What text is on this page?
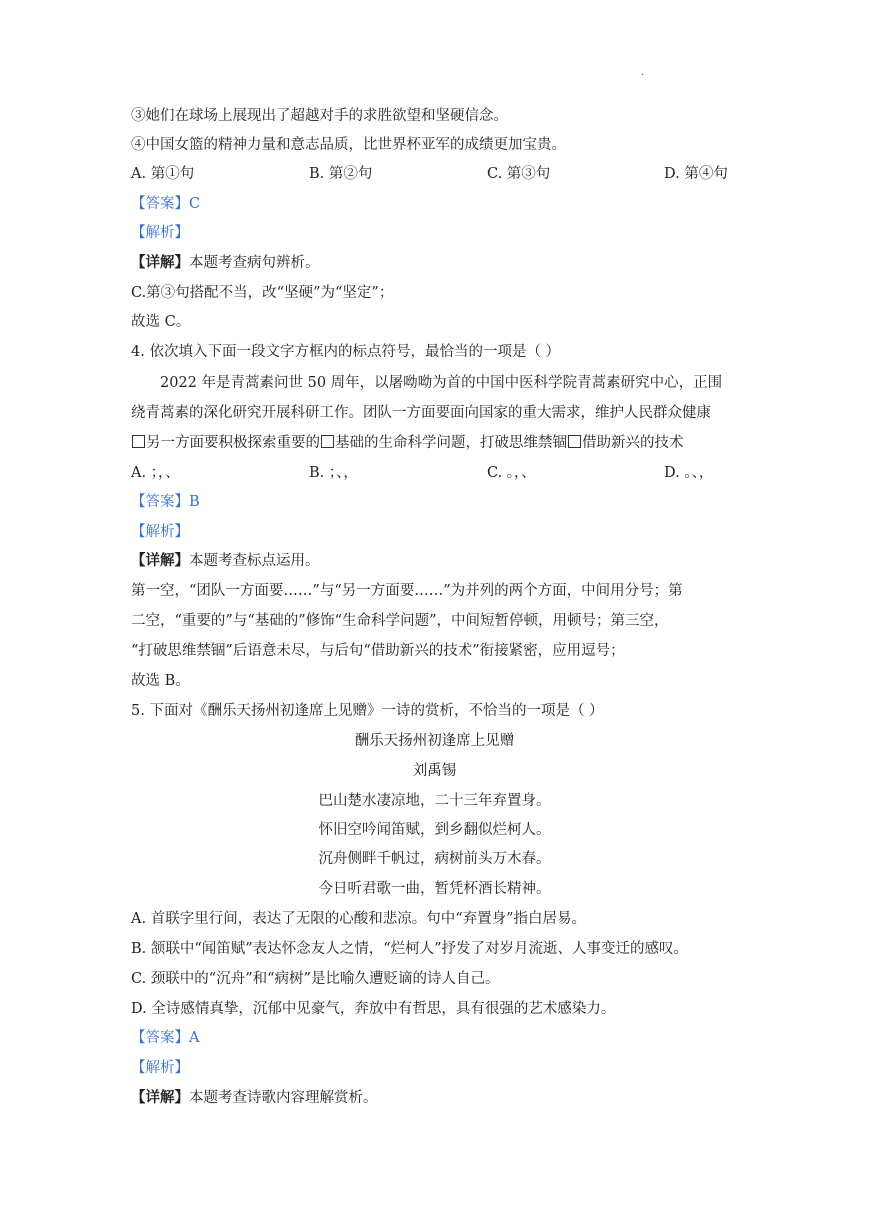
·
③她们在球场上展现出了超越对手的求胜欲望和坚硬信念。
④中国女篮的精神力量和意志品质，比世界杯亚军的成绩更加宝贵。
A. 第①句	B. 第②句	C. 第③句	D. 第④句
【答案】C
【解析】
【详解】本题考查病句辨析。
C.第③句搭配不当，改“坚硬”为“坚定”；
故选 C。
4. 依次填入下面一段文字方框内的标点符号，最恰当的一项是（ ）
2022 年是青蒿素问世 50 周年，以屠呦呦为首的中国中医科学院青蒿素研究中心，正围
绕青蒿素的深化研究开展科研工作。团队一方面要面向国家的重大需求，维护人民群众健康
另一方面要积极探索重要的 基础的生命科学问题，打破思维禁锢 借助新兴的技术
A. ；，、	B. ；、，	C. 。，、	D. 。、，
【答案】B
【解析】
【详解】本题考查标点运用。
第一空，“团队一方面要……”与“另一方面要……”为并列的两个方面，中间用分号；第
二空，“重要的”与“基础的”修饰“生命科学问题”，中间短暂停顿，用顿号；第三空，
“打破思维禁锢”后语意未尽，与后句“借助新兴的技术”衔接紧密，应用逗号；
故选 B。
5. 下面对《酬乐天扬州初逢席上见赠》一诗的赏析，不恰当的一项是（ ）
酬乐天扬州初逢席上见赠
刘禹锡
巴山楚水凄凉地，二十三年弃置身。
怀旧空吟闻笛赋，到乡翻似烂柯人。
沉舟侧畔千帆过，病树前头万木春。
今日听君歌一曲，暂凭杯酒长精神。
A. 首联字里行间，表达了无限的心酸和悲凉。句中“弃置身”指白居易。
B. 颔联中“闻笛赋”表达怀念友人之情，“烂柯人”抒发了对岁月流逝、人事变迁的感叹。
C. 颈联中的“沉舟”和“病树”是比喻久遭贬谪的诗人自己。
D. 全诗感情真挚，沉郁中见豪气，奔放中有哲思，具有很强的艺术感染力。
【答案】A
【解析】
【详解】本题考查诗歌内容理解赏析。
